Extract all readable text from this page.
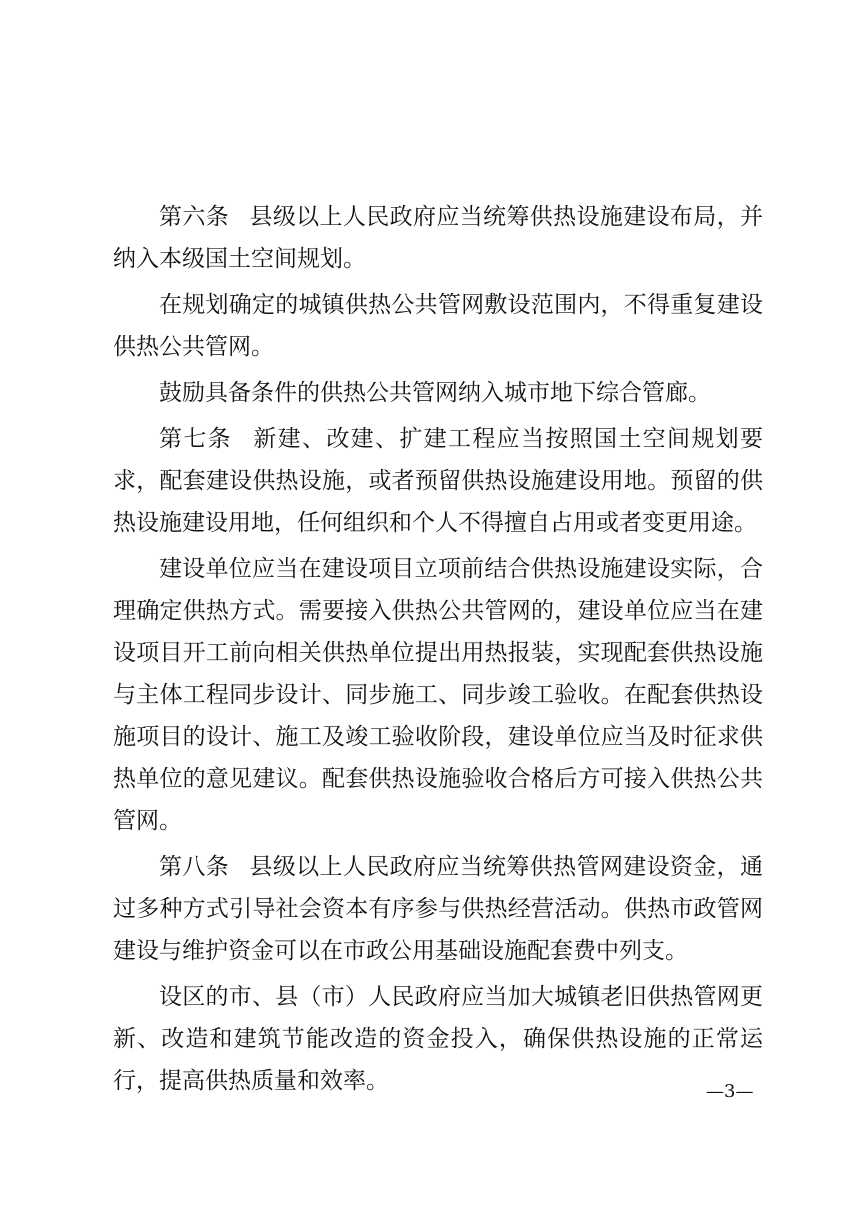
第六条 县级以上人民政府应当统筹供热设施建设布局，并纳入本级国土空间规划。

在规划确定的城镇供热公共管网敷设范围内，不得重复建设供热公共管网。

鼓励具备条件的供热公共管网纳入城市地下综合管廊。

第七条 新建、改建、扩建工程应当按照国土空间规划要求，配套建设供热设施，或者预留供热设施建设用地。预留的供热设施建设用地，任何组织和个人不得擅自占用或者变更用途。

建设单位应当在建设项目立项前结合供热设施建设实际，合理确定供热方式。需要接入供热公共管网的，建设单位应当在建设项目开工前向相关供热单位提出用热报装，实现配套供热设施与主体工程同步设计、同步施工、同步竣工验收。在配套供热设施项目的设计、施工及竣工验收阶段，建设单位应当及时征求供热单位的意见建议。配套供热设施验收合格后方可接入供热公共管网。

第八条 县级以上人民政府应当统筹供热管网建设资金，通过多种方式引导社会资本有序参与供热经营活动。供热市政管网建设与维护资金可以在市政公用基础设施配套费中列支。

设区的市、县（市）人民政府应当加大城镇老旧供热管网更新、改造和建筑节能改造的资金投入，确保供热设施的正常运行，提高供热质量和效率。	—3—
